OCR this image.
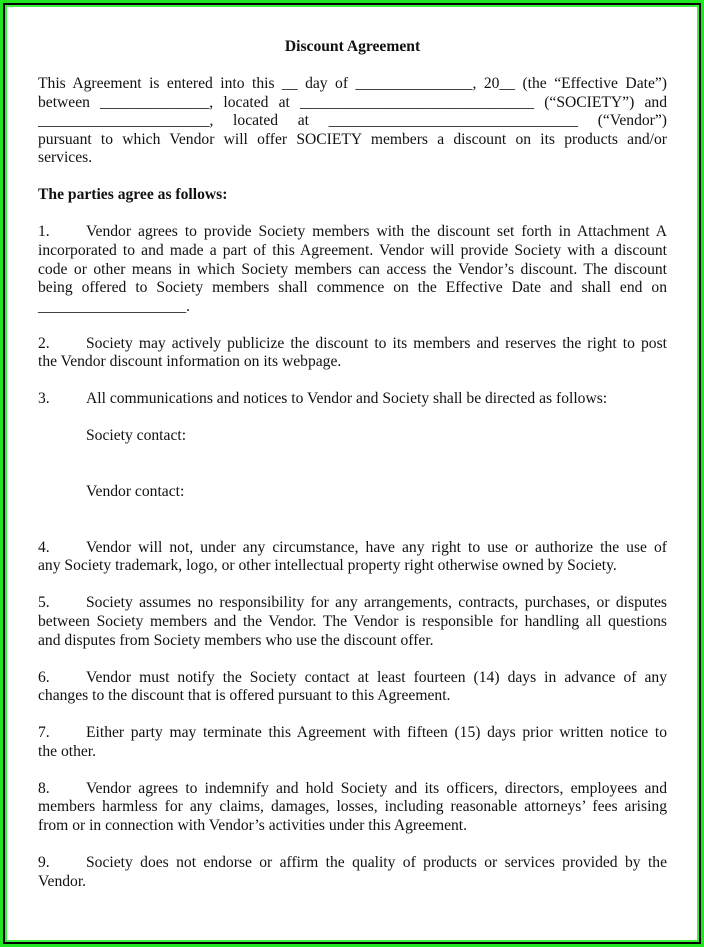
Discount Agreement
This Agreement is entered into this __ day of _______________, 20__ (the “Effective Date”)
between ______________, located at ______________________________ (“SOCIETY”) and
______________________, located at ________________________________ (“Vendor”)
pursuant to which Vendor will offer SOCIETY members a discount on its products and/or
services.
The parties agree as follows:
1. Vendor agrees to provide Society members with the discount set forth in Attachment A
incorporated to and made a part of this Agreement. Vendor will provide Society with a discount
code or other means in which Society members can access the Vendor’s discount. The discount
being offered to Society members shall commence on the Effective Date and shall end on
___________________.
2. Society may actively publicize the discount to its members and reserves the right to post
the Vendor discount information on its webpage.
3. All communications and notices to Vendor and Society shall be directed as follows:
Society contact:
Vendor contact:
4. Vendor will not, under any circumstance, have any right to use or authorize the use of
any Society trademark, logo, or other intellectual property right otherwise owned by Society.
5. Society assumes no responsibility for any arrangements, contracts, purchases, or disputes
between Society members and the Vendor. The Vendor is responsible for handling all questions
and disputes from Society members who use the discount offer.
6. Vendor must notify the Society contact at least fourteen (14) days in advance of any
changes to the discount that is offered pursuant to this Agreement.
7. Either party may terminate this Agreement with fifteen (15) days prior written notice to
the other.
8. Vendor agrees to indemnify and hold Society and its officers, directors, employees and
members harmless for any claims, damages, losses, including reasonable attorneys’ fees arising
from or in connection with Vendor’s activities under this Agreement.
9. Society does not endorse or affirm the quality of products or services provided by the
Vendor.
